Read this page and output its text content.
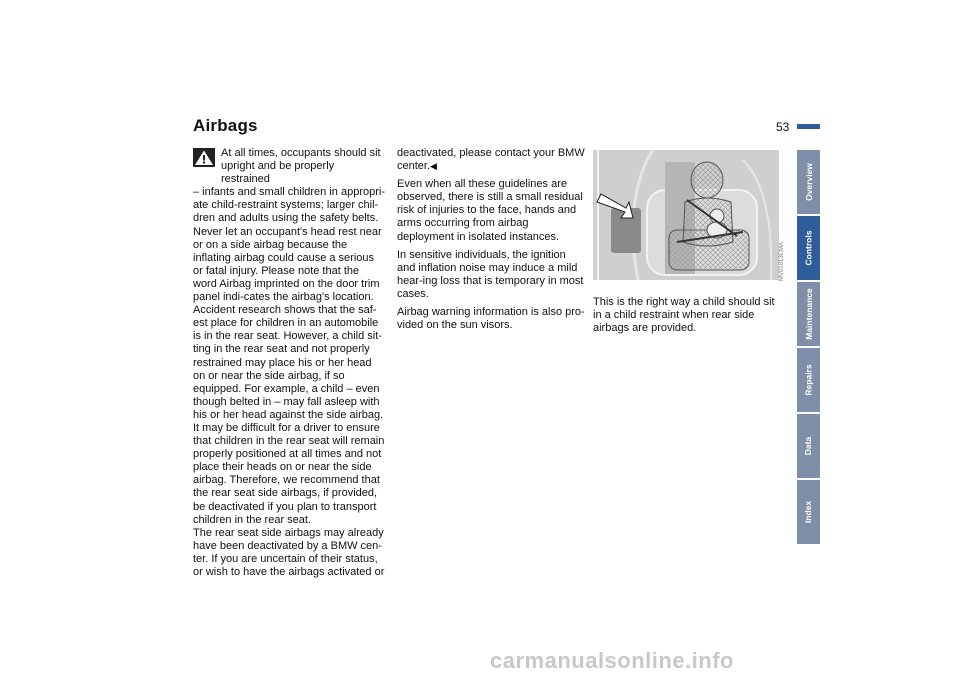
Airbags	53

At all times, occupants should sit
upright and be properly restrained
– infants and small children in appropri-ate child-restraint systems; larger chil-dren and adults using the safety belts. Never let an occupant's head rest near or on a side airbag because the inflating airbag could cause a serious or fatal injury. Please note that the word Airbag imprinted on the door trim panel indi-cates the airbag's location.

Accident research shows that the saf-est place for children in an automobile is in the rear seat. However, a child sit-ting in the rear seat and not properly restrained may place his or her head on or near the side airbag, if so equipped. For example, a child – even though belted in – may fall asleep with his or her head against the side airbag. It may be difficult for a driver to ensure that children in the rear seat will remain properly positioned at all times and not place their heads on or near the side airbag. Therefore, we recommend that the rear seat side airbags, if provided, be deactivated if you plan to transport children in the rear seat.

The rear seat side airbags may already have been deactivated by a BMW cen-ter. If you are uncertain of their status, or wish to have the airbags activated or

deactivated, please contact your BMW center.◀

Even when all these guidelines are observed, there is still a small residual risk of injuries to the face, hands and arms occurring from airbag deployment in isolated instances.

In sensitive individuals, the ignition and inflation noise may induce a mild hear-ing loss that is temporary in most cases.

Airbag warning information is also pro-vided on the sun visors.

MV01013CMA
This is the right way a child should sit in a child restraint when rear side airbags are provided.
Overview
Controls
Maintenance
Repairs
Data
Index
carmanualsonline.info
